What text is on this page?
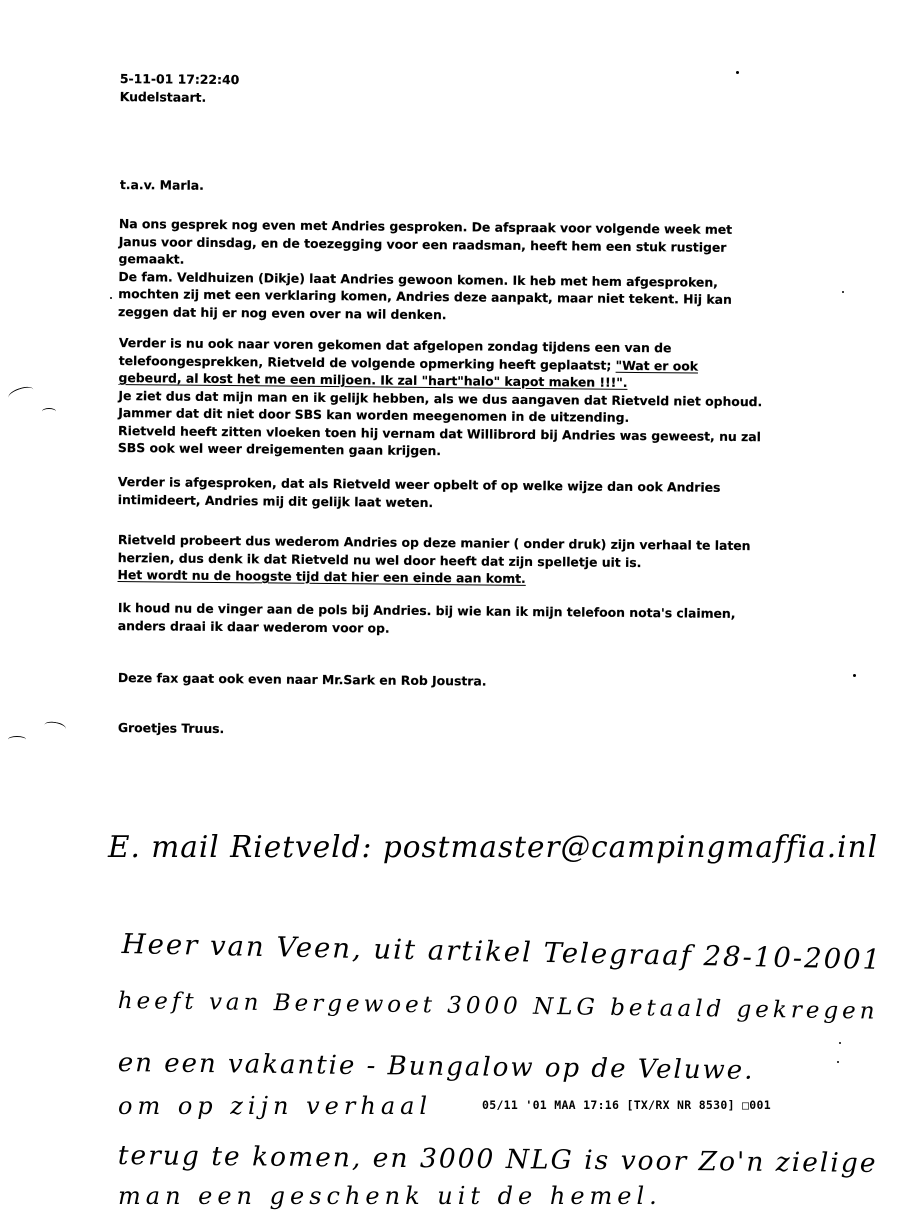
5-11-01 17:22:40

Kudelstaart.

t.a.v. Marla.

Na ons gesprek nog even met Andries gesproken. De afspraak voor volgende week met

Janus voor dinsdag, en de toezegging voor een raadsman, heeft hem een stuk rustiger

gemaakt.

De fam. Veldhuizen (Dikje) laat Andries gewoon komen. Ik heb met hem afgesproken,

mochten zij met een verklaring komen, Andries deze aanpakt, maar niet tekent. Hij kan

zeggen dat hij er nog even over na wil denken.

Verder is nu ook naar voren gekomen dat afgelopen zondag tijdens een van de

telefoongesprekken, Rietveld de volgende opmerking heeft geplaatst; "Wat er ook

gebeurd, al kost het me een miljoen. Ik zal "hart"halo" kapot maken !!!".

Je ziet dus dat mijn man en ik gelijk hebben, als we dus aangaven dat Rietveld niet ophoud.

Jammer dat dit niet door SBS kan worden meegenomen in de uitzending.

Rietveld heeft zitten vloeken toen hij vernam dat Willibrord bij Andries was geweest, nu zal

SBS ook wel weer dreigementen gaan krijgen.

Verder is afgesproken, dat als Rietveld weer opbelt of op welke wijze dan ook Andries

intimideert, Andries mij dit gelijk laat weten.

Rietveld probeert dus wederom Andries op deze manier ( onder druk) zijn verhaal te laten

herzien, dus denk ik dat Rietveld nu wel door heeft dat zijn spelletje uit is.

Het wordt nu de hoogste tijd dat hier een einde aan komt.

Ik houd nu de vinger aan de pols bij Andries. bij wie kan ik mijn telefoon nota's claimen,

anders draai ik daar wederom voor op.

Deze fax gaat ook even naar Mr.Sark en Rob Joustra.

Groetjes Truus.

E. mail Rietveld: postmaster@campingmaffia.inl
Heer van Veen, uit artikel Telegraaf 28-10-2001
heeft van Bergewoet 3000 NLG betaald gekregen
en een vakantie - Bungalow op de Veluwe.
om op zijn verhaal
terug te komen, en 3000 NLG is voor Zo'n zielige
man een geschenk uit de hemel.
05/11 '01 MAA 17:16 [TX/RX NR 8530] □001
